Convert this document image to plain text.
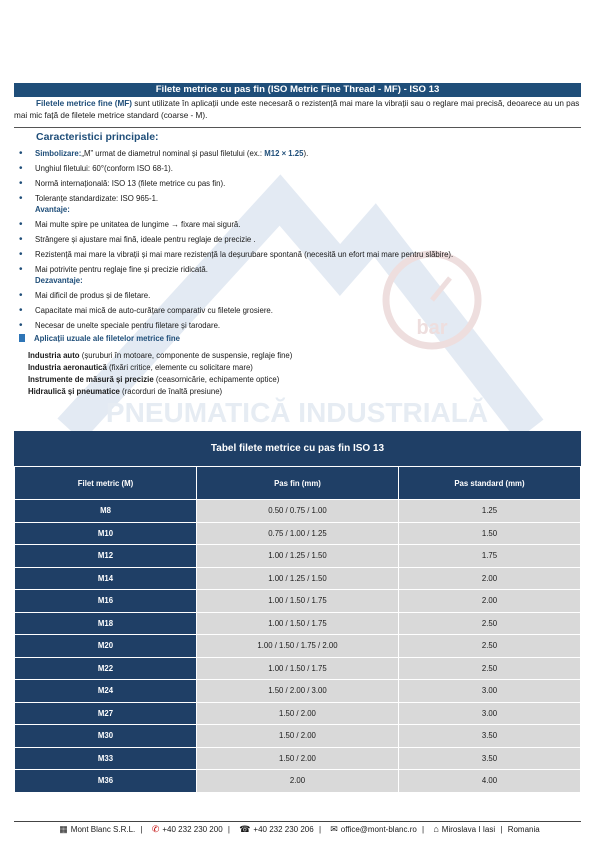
bar
PNEUMATICĂ INDUSTRIALĂ
Filete metrice cu pas fin (ISO Metric Fine Thread - MF) - ISO 13
Filetele metrice fine (MF) sunt utilizate în aplicații unde este necesară o rezistență mai mare la vibrații sau o reglare mai precisă, deoarece au un pas mai mic față de filetele metrice standard (coarse - M).
Caracteristici principale:
• Simbolizare:„M” urmat de diametrul nominal și pasul filetului (ex.: M12 × 1.25).
• Unghiul filetului: 60°(conform ISO 68-1).
• Normă internațională: ISO 13 (filete metrice cu pas fin).
• Toleranțe standardizate: ISO 965-1.
Avantaje:
• Mai multe spire pe unitatea de lungime → fixare mai sigură.
• Strângere și ajustare mai fină, ideale pentru reglaje de precizie .
• Rezistență mai mare la vibrații și mai mare rezistență la deșurubare spontană (necesită un efort mai mare pentru slăbire).
• Mai potrivite pentru reglaje fine și precizie ridicată.
Dezavantaje:
• Mai dificil de produs și de filetare.
• Capacitate mai mică de auto-curățare comparativ cu filetele grosiere.
• Necesar de unelte speciale pentru filetare și tarodare.
Aplicații uzuale ale filetelor metrice fine
Industria auto (șuruburi în motoare, componente de suspensie, reglaje fine)
Industria aeronautică (fixări critice, elemente cu solicitare mare)
Instrumente de măsură și precizie (ceasornicărie, echipamente optice)
Hidraulică și pneumatice (racorduri de înaltă presiune)
Tabel filete metrice cu pas fin ISO 13
Filet metric (M)	Pas fin (mm)	Pas standard (mm)
M8	0.50 / 0.75 / 1.00	1.25
M10	0.75 / 1.00 / 1.25	1.50
M12	1.00 / 1.25 / 1.50	1.75
M14	1.00 / 1.25 / 1.50	2.00
M16	1.00 / 1.50 / 1.75	2.00
M18	1.00 / 1.50 / 1.75	2.50
M20	1.00 / 1.50 / 1.75 / 2.00	2.50
M22	1.00 / 1.50 / 1.75	2.50
M24	1.50 / 2.00 / 3.00	3.00
M27	1.50 / 2.00	3.00
M30	1.50 / 2.00	3.50
M33	1.50 / 2.00	3.50
M36	2.00	4.00
▦ Mont Blanc S.R.L. | ✆ +40 232 230 200 | ☎ +40 232 230 206 | ✉ office@mont-blanc.ro | ⌂ Miroslava I Iasi | Romania
